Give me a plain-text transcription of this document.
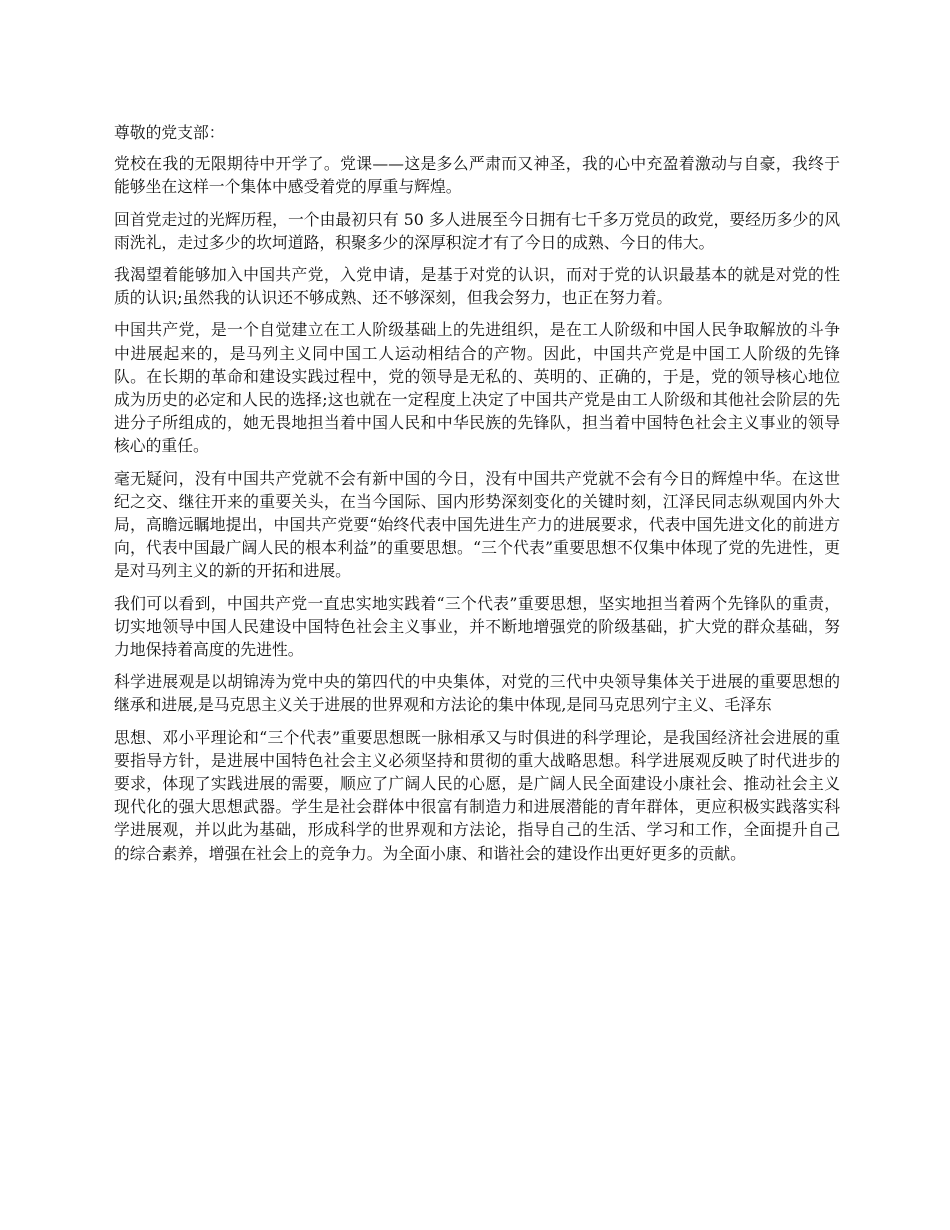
尊敬的党支部：

党校在我的无限期待中开学了。党课——这是多么严肃而又神圣，我的心中充盈着激动与自豪，我终于能够坐在这样一个集体中感受着党的厚重与辉煌。

回首党走过的光辉历程，一个由最初只有 50 多人进展至今日拥有七千多万党员的政党，要经历多少的风雨洗礼，走过多少的坎坷道路，积聚多少的深厚积淀才有了今日的成熟、今日的伟大。

我渴望着能够加入中国共产党，入党申请，是基于对党的认识，而对于党的认识最基本的就是对党的性质的认识;虽然我的认识还不够成熟、还不够深刻，但我会努力，也正在努力着。

中国共产党，是一个自觉建立在工人阶级基础上的先进组织，是在工人阶级和中国人民争取解放的斗争中进展起来的，是马列主义同中国工人运动相结合的产物。因此，中国共产党是中国工人阶级的先锋队。在长期的革命和建设实践过程中，党的领导是无私的、英明的、正确的，于是，党的领导核心地位成为历史的必定和人民的选择;这也就在一定程度上决定了中国共产党是由工人阶级和其他社会阶层的先进分子所组成的，她无畏地担当着中国人民和中华民族的先锋队，担当着中国特色社会主义事业的领导核心的重任。

毫无疑问，没有中国共产党就不会有新中国的今日，没有中国共产党就不会有今日的辉煌中华。在这世纪之交、继往开来的重要关头，在当今国际、国内形势深刻变化的关键时刻，江泽民同志纵观国内外大局，高瞻远瞩地提出，中国共产党要“始终代表中国先进生产力的进展要求，代表中国先进文化的前进方向，代表中国最广阔人民的根本利益”的重要思想。“三个代表”重要思想不仅集中体现了党的先进性，更是对马列主义的新的开拓和进展。

我们可以看到，中国共产党一直忠实地实践着“三个代表”重要思想，坚实地担当着两个先锋队的重责，切实地领导中国人民建设中国特色社会主义事业，并不断地增强党的阶级基础，扩大党的群众基础，努力地保持着高度的先进性。

科学进展观是以胡锦涛为党中央的第四代的中央集体，对党的三代中央领导集体关于进展的重要思想的继承和进展,是马克思主义关于进展的世界观和方法论的集中体现,是同马克思列宁主义、毛泽东

思想、邓小平理论和“三个代表”重要思想既一脉相承又与时俱进的科学理论，是我国经济社会进展的重要指导方针，是进展中国特色社会主义必须坚持和贯彻的重大战略思想。科学进展观反映了时代进步的要求，体现了实践进展的需要，顺应了广阔人民的心愿，是广阔人民全面建设小康社会、推动社会主义现代化的强大思想武器。学生是社会群体中很富有制造力和进展潜能的青年群体，更应积极实践落实科学进展观，并以此为基础，形成科学的世界观和方法论，指导自己的生活、学习和工作，全面提升自己的综合素养，增强在社会上的竞争力。为全面小康、和谐社会的建设作出更好更多的贡献。
